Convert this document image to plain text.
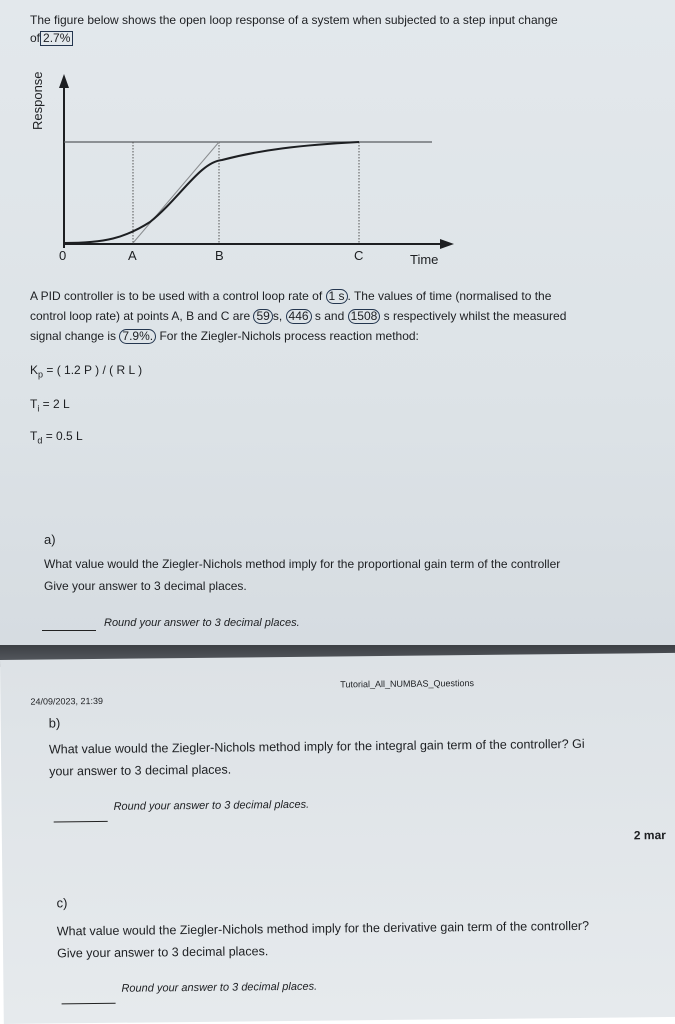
The figure below shows the open loop response of a system when subjected to a step input change
of 2.7%
Response
0	A	B	C	Time
A PID controller is to be used with a control loop rate of 1 s . The values of time (normalised to the
control loop rate) at points A, B and C are 59 s, 446 s and 1508 s respectively whilst the measured
signal change is 7.9%. For the Ziegler-Nichols process reaction method:
$K_p$ = ( 1.2 P ) / ( R L )
$T_i = 2$ L
$T_d = 0.5$ L
a)
What value would the Ziegler-Nichols method imply for the proportional gain term of the controller
Give your answer to 3 decimal places.
Round your answer to 3 decimal places.
24/09/2023, 21:39
Tutorial_All_NUMBAS_Questions
b)
What value would the Ziegler-Nichols method imply for the integral gain term of the controller? Gi
your answer to 3 decimal places.
Round your answer to 3 decimal places.
2 mar
c)
What value would the Ziegler-Nichols method imply for the derivative gain term of the controller?
Give your answer to 3 decimal places.
Round your answer to 3 decimal places.
